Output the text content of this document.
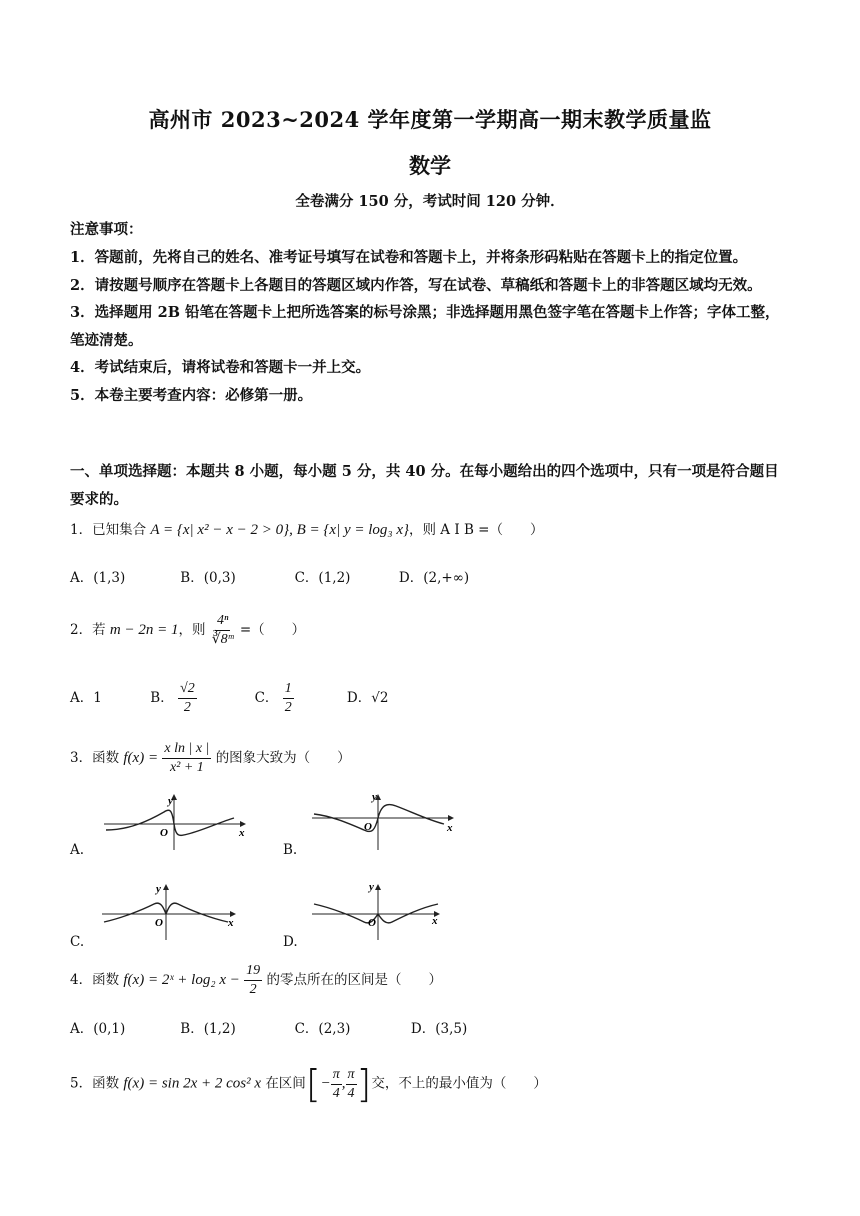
高州市 2023~2024 学年度第一学期高一期末教学质量监
数学
全卷满分 150 分，考试时间 120 分钟．
注意事项：

1．答题前，先将自己的姓名、准考证号填写在试卷和答题卡上，并将条形码粘贴在答题卡上的指定位置。

2．请按题号顺序在答题卡上各题目的答题区域内作答，写在试卷、草稿纸和答题卡上的非答题区域均无效。

3．选择题用 2B 铅笔在答题卡上把所选答案的标号涂黑；非选择题用黑色签字笔在答题卡上作答；字体工整，笔迹清楚。

4．考试结束后，请将试卷和答题卡一并上交。

5．本卷主要考查内容：必修第一册。

一、单项选择题：本题共 8 小题，每小题 5 分，共 40 分。在每小题给出的四个选项中，只有一项是符合题目要求的。
1．已知集合 A = {x| x² − x − 2 > 0}, B = {x| y = log₃ x}，则 A I B =（　　）
A．(1,3)	B．(0,3)	C．(1,2)	D．(2,+∞)
2．若 m − 2n = 1，则 $\frac{\text{4ⁿ}}{\text{∛8ᵐ}}$ =（　　）
A．1	B． $\frac{√2}{2}$	C． $\frac{1}{2}$	D．√2
3．函数 $f(x) = \frac{\text{x ln | x |}}{\text{x² + 1}}$ 的图象大致为（　　）
A.
y
x
O
B.
y
x
O
C.
y
x
O
D.
y
x
O
4．函数 f(x) = 2ˣ + log₂ $x - \frac{19}{2}$ 的零点所在的区间是（　　）
A．(0,1)	B．(1,2)	C．(2,3)	D．(3,5)
5．函数 f(x) = sin 2x + 2 cos² x 在区间[− $\frac{\pi}{4}$ , $\frac{\pi}{4}$ ]交，不上的最小值为（　　）
